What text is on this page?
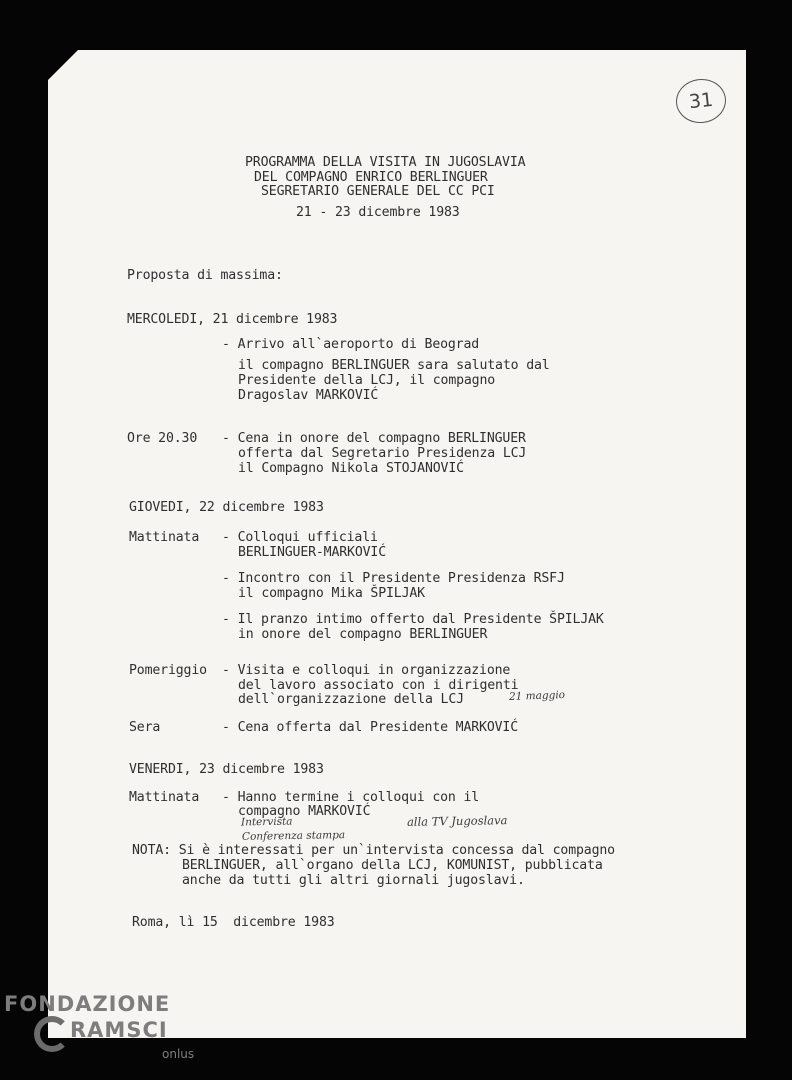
31
PROGRAMMA DELLA VISITA IN JUGOSLAVIA
DEL COMPAGNO ENRICO BERLINGUER
SEGRETARIO GENERALE DEL CC PCI
21 - 23 dicembre 1983
Proposta di massima:
MERCOLEDI, 21 dicembre 1983
- Arrivo all`aeroporto di Beograd
il compagno BERLINGUER sara salutato dal
Presidente della LCJ, il compagno
Dragoslav MARKOVIĆ
Ore 20.30 - Cena in onore del compagno BERLINGUER
offerta dal Segretario Presidenza LCJ
il Compagno Nikola STOJANOVIĆ
GIOVEDI, 22 dicembre 1983
Mattinata - Colloqui ufficiali
BERLINGUER-MARKOVIĆ
- Incontro con il Presidente Presidenza RSFJ
il compagno Mika ŠPILJAK
- Il pranzo intimo offerto dal Presidente ŠPILJAK
in onore del compagno BERLINGUER
Pomeriggio - Visita e colloqui in organizzazione
del lavoro associato con i dirigenti
dell`organizzazione della LCJ	21 maggio
Sera	- Cena offerta dal Presidente MARKOVIĆ
VENERDI, 23 dicembre 1983
Mattinata - Hanno termine i colloqui con il
compagno MARKOVIĆ
Intervista	alla TV Jugoslava
Conferenza stampa
NOTA: Si è interessati per un`intervista concessa dal compagno
BERLINGUER, all`organo della LCJ, KOMUNIST, pubblicata
anche da tutti gli altri giornali jugoslavi.
Roma, lì 15  dicembre 1983
FONDAZIONE
RAMSCI
onlus
